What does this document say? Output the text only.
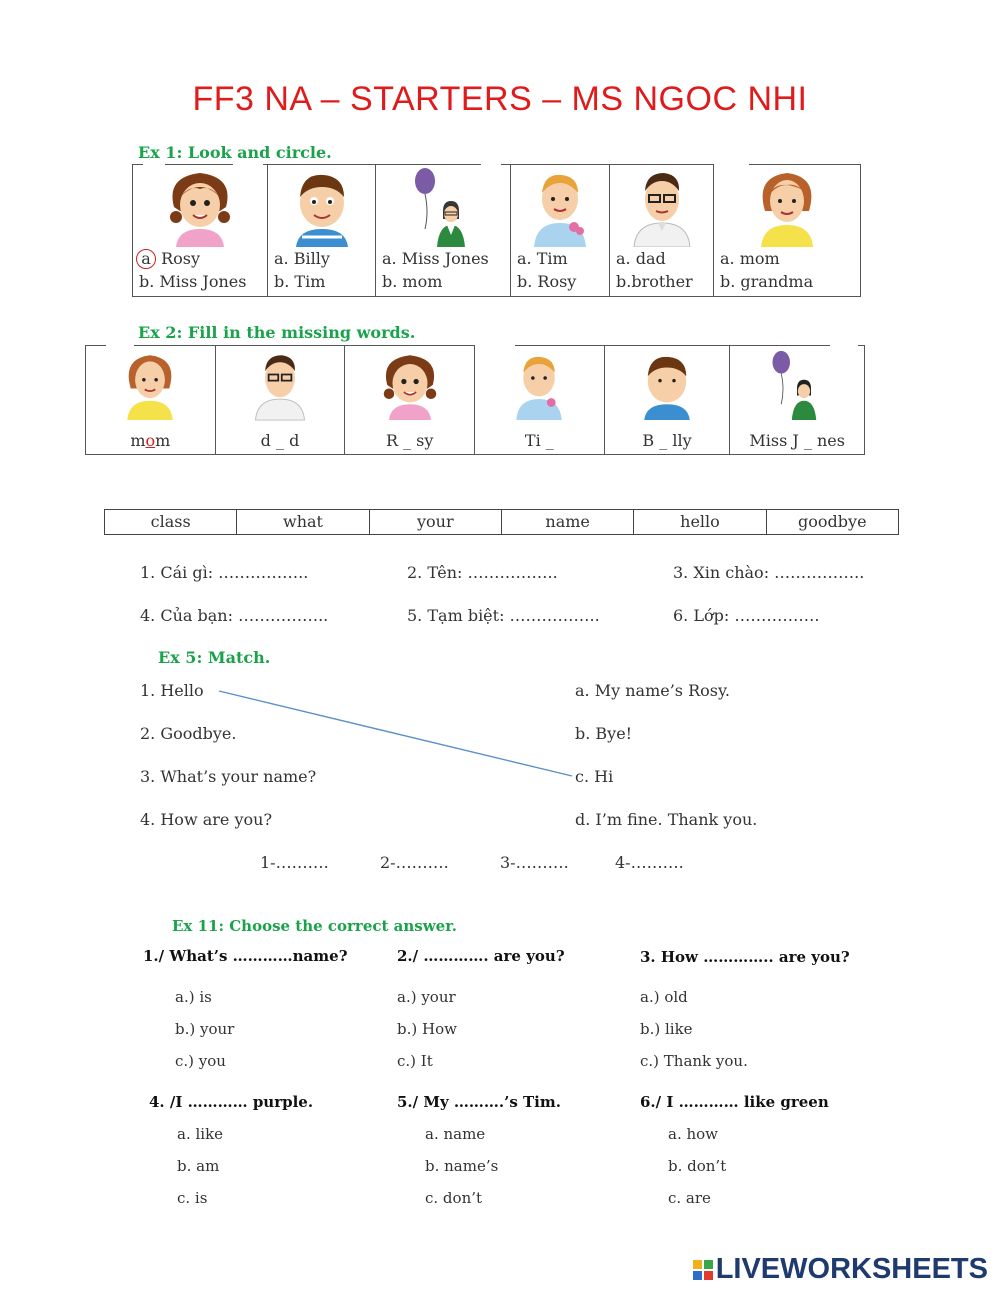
FF3 NA – STARTERS – MS NGOC NHI
Ex 1: Look and circle.
a Rosy
b. Miss Jones
a. Billy
b. Tim
a. Miss Jones
b. mom
a. Tim
b. Rosy
a. dad
b.brother
a. mom
b. grandma
Ex 2: Fill in the missing words.
mom	d _ d	R _ sy	Ti _	B _ lly	Miss J _ nes
class	what	your	name	hello	goodbye
1. Cái gì: ……………..	2. Tên: ……………..	3. Xin chào: ……………..
4. Của bạn: ……………..	5. Tạm biệt: ……………..	6. Lớp: …………….
Ex 5: Match.
1. Hello
2. Goodbye.
3. What’s your name?
4. How are you?
a. My name’s Rosy.
b. Bye!
c. Hi
d. I’m fine. Thank you.
1-……….	2-……….	3-……….	4-……….
Ex 11: Choose the correct answer.
1./ What’s …………name?
a.) is
b.) your
c.) you
2./ …………. are you?
a.) your
b.) How
c.) It
3. How ………….. are you?
a.) old
b.) like
c.) Thank you.
4. /I ………… purple.
a. like
b. am
c. is
5./ My ……….’s Tim.
a. name
b. name’s
c. don’t
6./ I ………… like green
a. how
b. don’t
c. are
LIVEWORKSHEETS
